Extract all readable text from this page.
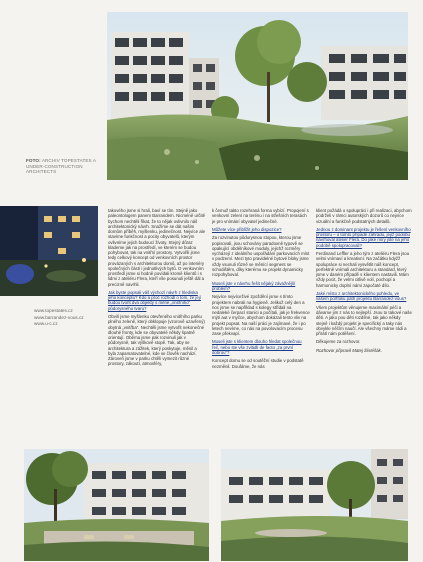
FOTO: ARCHIV TOPESTATES A UNDER-CONSTRUCTION ARCHITECTS
www.topestates.cz
www.barrandez-vous.cz
www.u-c.cz

takového jsme si hrali, baví se tím. Stejně jako paleontologem panem Barrandem. Nicméně určitě bychom nechtěli říkat, že to nějak ovlivnilo náš architektonický návrh. Snažíme se dát našim domům příběh, myšlenku, jedinečnost. Nejvíce ale stavíme funkčnost a pocity obyvatelů, kterým ovlivníme jejich budoucí životy. Stejný důraz klademe jak na prostředí, ve kterém se budou pohybovat, tak na vnitřní prostory. Vytvořili jsme tedy celkový koncept od venkovních prostor provázaných s architekturou domů, až po interiéry společných částí i jednotlivých bytů. O venkovním prostředí jsme si hodně povídali kromě klientů i s lidmi z ateliéru Flera, kteří vše posunuli ještě dál a precizně navrhli.

Jak byste popsali váš výchozí návrh z hlediska jeho konceptu? Kdo a proč rozhodl o tom, že její budou tvořit dva objekty s měně „vnitřního“ půdorysného tvaru?

Obvilí jsme myšlenku otevřeného vnitřního parku plného zeleně, který obklopuje (vzorově uzavřený) obytná „vnitřba“. Nechtěli jsme vytvořit nekonečné dlouhé fronty, kde se obyvatelé někdy špatně orientují. Oběma jsme pak rozvinuli jak v půdorysně, tak výškově stopě. Tak, aby se architektura a zážitek, který poskytuje, měnil a byla zapamatovatelné, kde se člověk nachází. Zároveň jsme v parku chtěli vymezit různé prostory, zákoutí, atmosféry,

k čemuž takto rozehraná forma vybízí. Propojení s venkovní zelení na terénu i na střešních terasách je pro vnímání obyvatel jedinečné.

Můžete více přiblížit jeho dispozice?

Za rozvinutou půdorysnou stopou, kterou jsme popisovali, jsou schovány paradoxně typově se opakující obdélníkové moduly, jejichž rozměry vycházejí z ideálního uspořádání parkovacích míst v podzemí. Mezi tyto pravidelné bytové bloky jsme vždy vsunuli různě se měnící segment se schodištěm, díky kterému se projekt dynamicky rozpohyboval.

Museli jste v návrhu řešit nějaký závažnější problém?

Nejvíce nejvíceživé zpoždění jsme s tímto projektem nabrali na hygieně. Jelikož celý den a noc jsme se například s kolegy střídali na nedaleké čerpací stanici a počítali, jak je frekvence mýtí aut v myčce, abychom dokázali tento vliv na projekt popsat. Na naší práci je zajímavé, že i po letech nevíme, co nás na povolovacím procesu zase překvapí.

Museli jste s klientem dlouho hledat společnou řeč, nebo ste vše zvládli de facto „za první dobrou“?

Koncept domu se od soutěžní studie v podstatě nezměnil. Doufáme, že nás

klient požádá o spolupráci i při realizaci, abychom podrželi v rámci autorských dozorů co nejvíce vizuální a funkčně podstatných detailů.

Jednou z dominant projektu je řešení venkovního prostoru – o tomto případě zahradu, jejíž podobu navrhoval ateliér Flera. Do jaké míry jste na jeho podobě spolupracovali?

Ferdinand Leffler a jeho tým z ateliéru Flera jsou velmi vnímaví a kreativní. Na začátku kdyžž spolupráce si nechali vysvětlit náš koncept, perfektně vnímali architekturu a standard, který jsme v daném případě s klientem nastavili. Mám vždy pocit, že velmi citlivě volí, pochopí a harmonicky doplní námi započaté dílo.

Jaké místo z architektonického pohledu, ve vašem portfoliu patří projektu Barrandez-vous?

Všem projektům věnujeme maximální péči a dávame jim z nás to nejlepší. Jsou to takové naše děti. A jako pou děti rozdílné, tak jako někdy stejně i každý projekt je specifický a taky nás obvykle něčím naučí. Ale všechny máme rádi a přirátí nám potěšení.

Děkujeme za rozhovor.

Rozhovor připravil Matej Šístéšák.
